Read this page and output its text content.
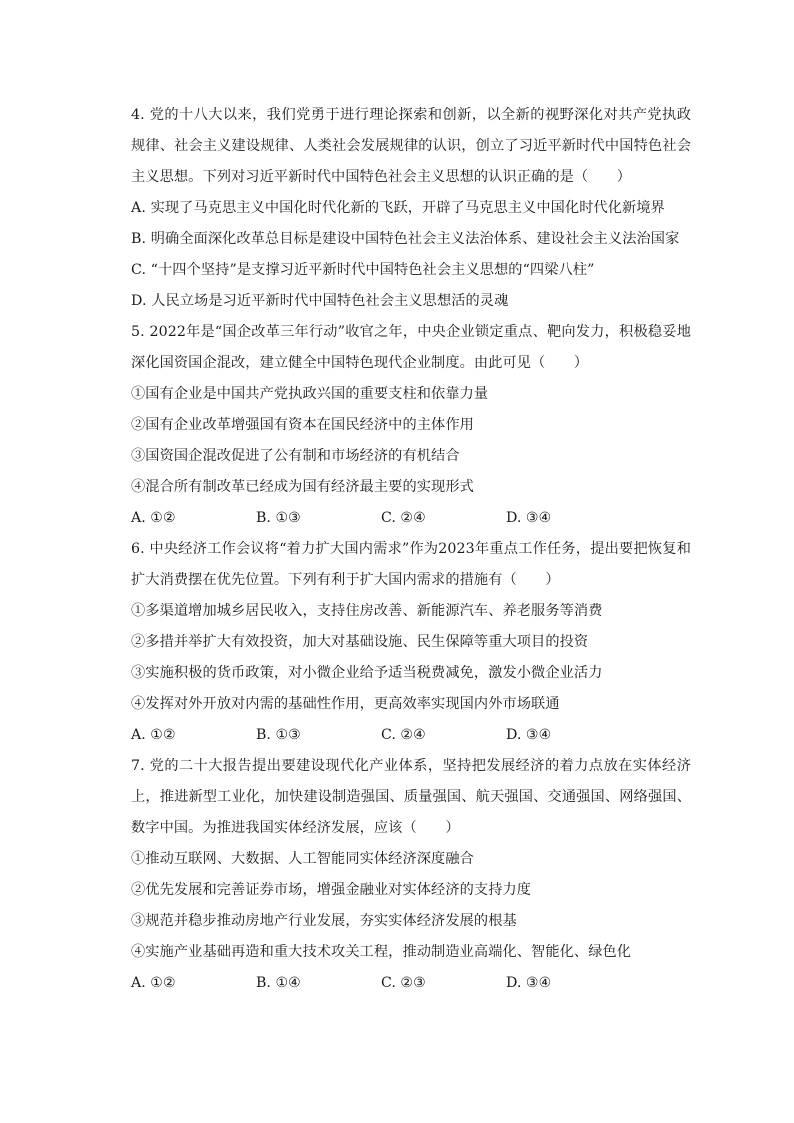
4. 党的十八大以来，我们党勇于进行理论探索和创新，以全新的视野深化对共产党执政规律、社会主义建设规律、人类社会发展规律的认识，创立了习近平新时代中国特色社会主义思想。下列对习近平新时代中国特色社会主义思想的认识正确的是（　　）
A. 实现了马克思主义中国化时代化新的飞跃，开辟了马克思主义中国化时代化新境界
B. 明确全面深化改革总目标是建设中国特色社会主义法治体系、建设社会主义法治国家
C. “十四个坚持”是支撑习近平新时代中国特色社会主义思想的“四梁八柱”
D. 人民立场是习近平新时代中国特色社会主义思想活的灵魂
5. 2022年是“国企改革三年行动”收官之年，中央企业锁定重点、靶向发力，积极稳妥地深化国资国企混改，建立健全中国特色现代企业制度。由此可见（　　）
①国有企业是中国共产党执政兴国的重要支柱和依靠力量
②国有企业改革增强国有资本在国民经济中的主体作用
③国资国企混改促进了公有制和市场经济的有机结合
④混合所有制改革已经成为国有经济最主要的实现形式
A. ①②	B. ①③	C. ②④	D. ③④
6. 中央经济工作会议将“着力扩大国内需求”作为2023年重点工作任务，提出要把恢复和扩大消费摆在优先位置。下列有利于扩大国内需求的措施有（　　）
①多渠道增加城乡居民收入，支持住房改善、新能源汽车、养老服务等消费
②多措并举扩大有效投资，加大对基础设施、民生保障等重大项目的投资
③实施积极的货币政策，对小微企业给予适当税费减免，激发小微企业活力
④发挥对外开放对内需的基础性作用，更高效率实现国内外市场联通
A. ①②	B. ①③	C. ②④	D. ③④
7. 党的二十大报告提出要建设现代化产业体系，坚持把发展经济的着力点放在实体经济上，推进新型工业化，加快建设制造强国、质量强国、航天强国、交通强国、网络强国、数字中国。为推进我国实体经济发展，应该（　　）
①推动互联网、大数据、人工智能同实体经济深度融合
②优先发展和完善证券市场，增强金融业对实体经济的支持力度
③规范并稳步推动房地产行业发展，夯实实体经济发展的根基
④实施产业基础再造和重大技术攻关工程，推动制造业高端化、智能化、绿色化
A. ①②	B. ①④	C. ②③	D. ③④
